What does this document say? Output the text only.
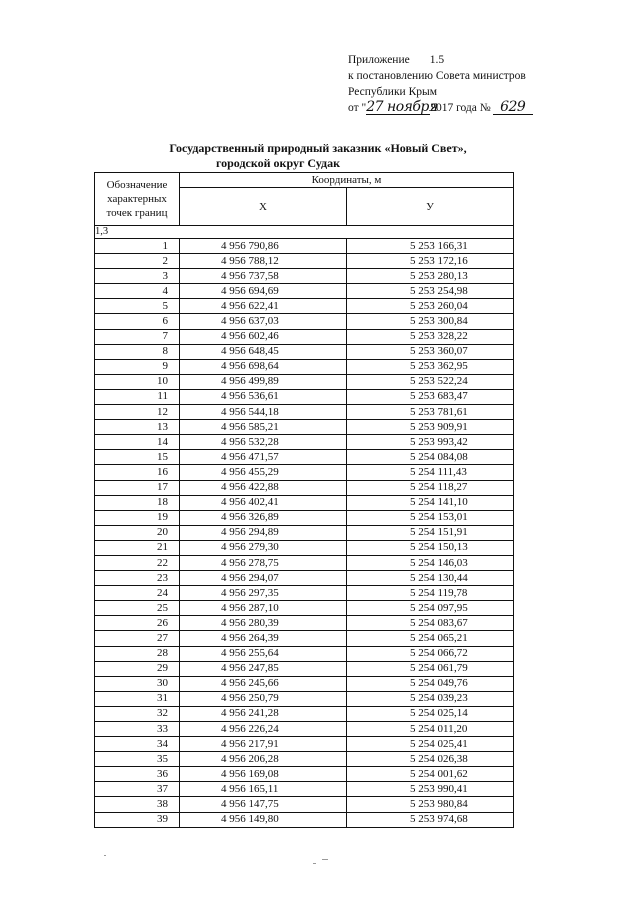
Приложение 1.5
к постановлению Совета министров
Республики Крым
от "27 ноября2017 года № 629
Государственный природный заказник «Новый Свет»,
городской округ Судак
Обозначение характерных точек границ	Координаты, м	
	X	У
1,3		
1	4 956 790,86	5 253 166,31
2	4 956 788,12	5 253 172,16
3	4 956 737,58	5 253 280,13
4	4 956 694,69	5 253 254,98
5	4 956 622,41	5 253 260,04
6	4 956 637,03	5 253 300,84
7	4 956 602,46	5 253 328,22
8	4 956 648,45	5 253 360,07
9	4 956 698,64	5 253 362,95
10	4 956 499,89	5 253 522,24
11	4 956 536,61	5 253 683,47
12	4 956 544,18	5 253 781,61
13	4 956 585,21	5 253 909,91
14	4 956 532,28	5 253 993,42
15	4 956 471,57	5 254 084,08
16	4 956 455,29	5 254 111,43
17	4 956 422,88	5 254 118,27
18	4 956 402,41	5 254 141,10
19	4 956 326,89	5 254 153,01
20	4 956 294,89	5 254 151,91
21	4 956 279,30	5 254 150,13
22	4 956 278,75	5 254 146,03
23	4 956 294,07	5 254 130,44
24	4 956 297,35	5 254 119,78
25	4 956 287,10	5 254 097,95
26	4 956 280,39	5 254 083,67
27	4 956 264,39	5 254 065,21
28	4 956 255,64	5 254 066,72
29	4 956 247,85	5 254 061,79
30	4 956 245,66	5 254 049,76
31	4 956 250,79	5 254 039,23
32	4 956 241,28	5 254 025,14
33	4 956 226,24	5 254 011,20
34	4 956 217,91	5 254 025,41
35	4 956 206,28	5 254 026,38
36	4 956 169,08	5 254 001,62
37	4 956 165,11	5 253 990,41
38	4 956 147,75	5 253 980,84
39	4 956 149,80	5 253 974,68
